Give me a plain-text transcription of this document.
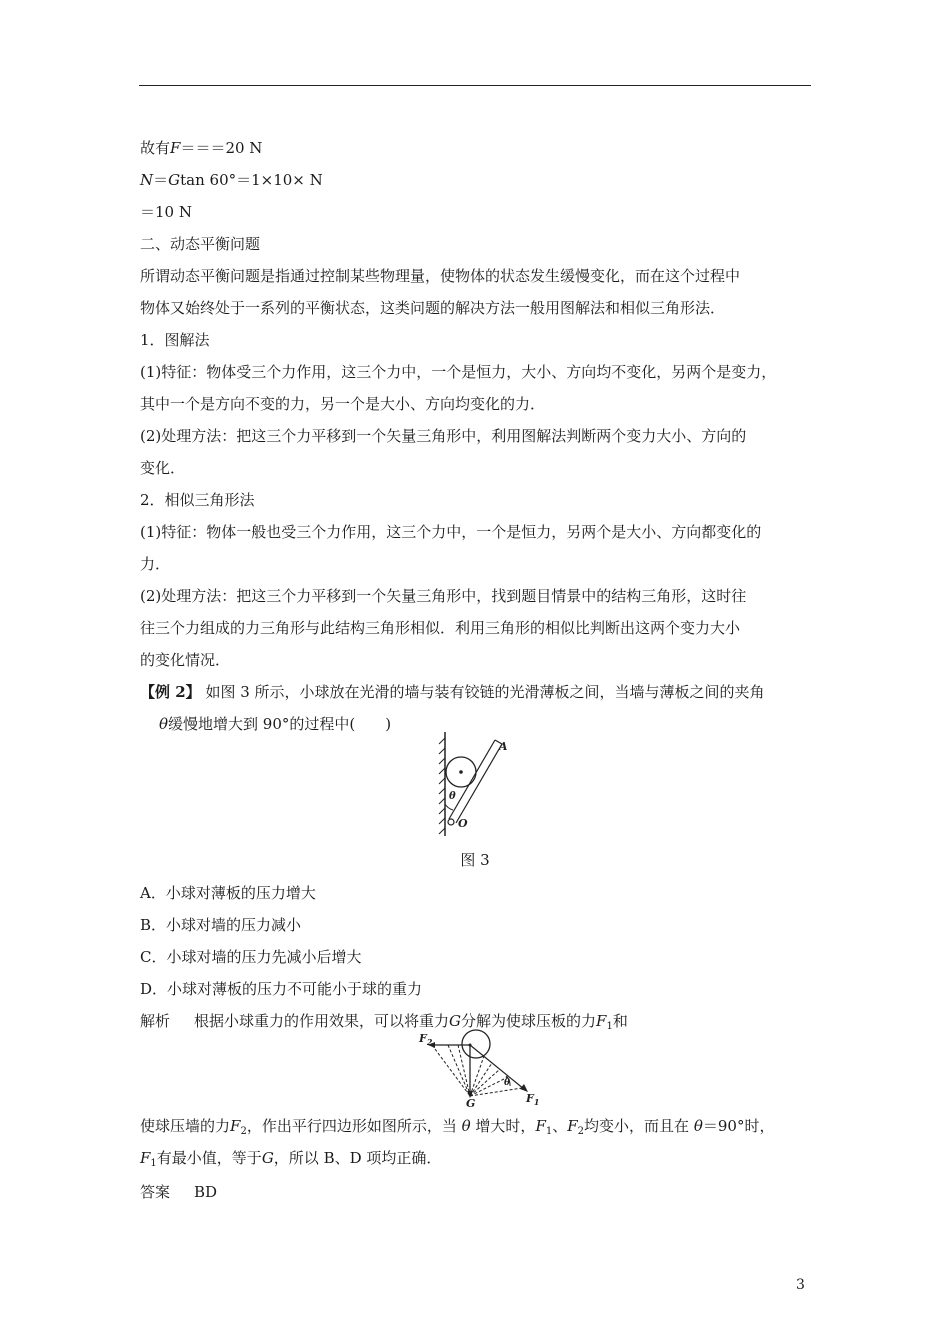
故有F＝＝＝20 N
N＝Gtan 60°＝1×10× N
＝10 N
二、动态平衡问题
所谓动态平衡问题是指通过控制某些物理量，使物体的状态发生缓慢变化，而在这个过程中
物体又始终处于一系列的平衡状态，这类问题的解决方法一般用图解法和相似三角形法．
1．图解法
(1)特征：物体受三个力作用，这三个力中，一个是恒力，大小、方向均不变化，另两个是变力，
其中一个是方向不变的力，另一个是大小、方向均变化的力．
(2)处理方法：把这三个力平移到一个矢量三角形中，利用图解法判断两个变力大小、方向的
变化．
2．相似三角形法
(1)特征：物体一般也受三个力作用，这三个力中，一个是恒力，另两个是大小、方向都变化的
力．
(2)处理方法：把这三个力平移到一个矢量三角形中，找到题目情景中的结构三角形，这时往
往三个力组成的力三角形与此结构三角形相似．利用三角形的相似比判断出这两个变力大小
的变化情况．
【例 2】 如图 3 所示，小球放在光滑的墙与装有铰链的光滑薄板之间，当墙与薄板之间的夹角
θ缓慢地增大到 90°的过程中(　　)
θ
A
O
图 3
A．小球对薄板的压力增大
B．小球对墙的压力减小
C．小球对墙的压力先减小后增大
D．小球对薄板的压力不可能小于球的重力
解析 根据小球重力的作用效果，可以将重力G分解为使球压板的力$F_1$和
$F_2$
G	$F_1$
θ
使球压墙的力$F_2$，作出平行四边形如图所示，当 θ 增大时，$F_1$、$F_2$均变小，而且在 θ＝90°时，
$F_1$有最小值，等于G，所以 B、D 项均正确．
答案 BD
3
